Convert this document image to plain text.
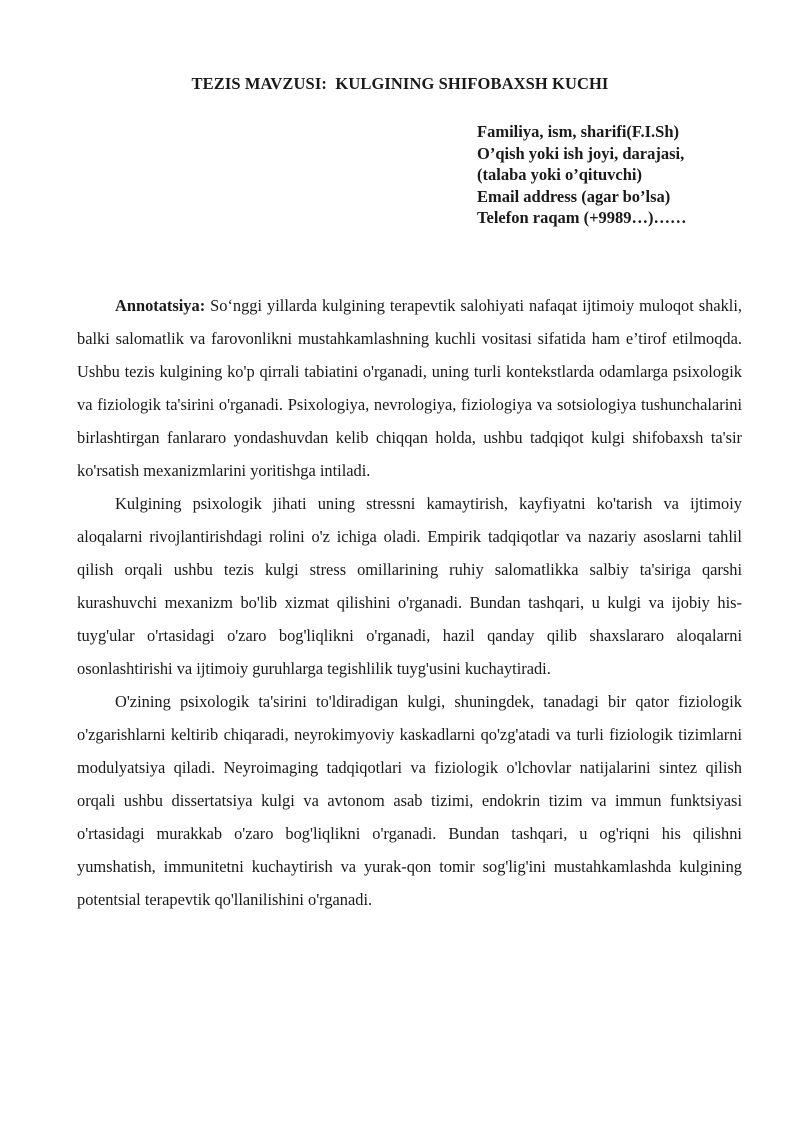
TEZIS MAVZUSI:  KULGINING SHIFOBAXSH KUCHI
Familiya, ism, sharifi(F.I.Sh)
O’qish yoki ish joyi, darajasi,
(talaba yoki o’qituvchi)
Email address (agar bo’lsa)
Telefon raqam (+9989…)……

Annotatsiya: So‘nggi yillarda kulgining terapevtik salohiyati nafaqat ijtimoiy muloqot shakli, balki salomatlik va farovonlikni mustahkamlashning kuchli vositasi sifatida ham e’tirof etilmoqda. Ushbu tezis kulgining ko'p qirrali tabiatini o'rganadi, uning turli kontekstlarda odamlarga psixologik va fiziologik ta'sirini o'rganadi. Psixologiya, nevrologiya, fiziologiya va sotsiologiya tushunchalarini birlashtirgan fanlararo yondashuvdan kelib chiqqan holda, ushbu tadqiqot kulgi shifobaxsh ta'sir ko'rsatish mexanizmlarini yoritishga intiladi.

Kulgining psixologik jihati uning stressni kamaytirish, kayfiyatni ko'tarish va ijtimoiy aloqalarni rivojlantirishdagi rolini o'z ichiga oladi. Empirik tadqiqotlar va nazariy asoslarni tahlil qilish orqali ushbu tezis kulgi stress omillarining ruhiy salomatlikka salbiy ta'siriga qarshi kurashuvchi mexanizm bo'lib xizmat qilishini o'rganadi. Bundan tashqari, u kulgi va ijobiy his-tuyg'ular o'rtasidagi o'zaro bog'liqlikni o'rganadi, hazil qanday qilib shaxslararo aloqalarni osonlashtirishi va ijtimoiy guruhlarga tegishlilik tuyg'usini kuchaytiradi.

O'zining psixologik ta'sirini to'ldiradigan kulgi, shuningdek, tanadagi bir qator fiziologik o'zgarishlarni keltirib chiqaradi, neyrokimyoviy kaskadlarni qo'zg'atadi va turli fiziologik tizimlarni modulyatsiya qiladi. Neyroimaging tadqiqotlari va fiziologik o'lchovlar natijalarini sintez qilish orqali ushbu dissertatsiya kulgi va avtonom asab tizimi, endokrin tizim va immun funktsiyasi o'rtasidagi murakkab o'zaro bog'liqlikni o'rganadi. Bundan tashqari, u og'riqni his qilishni yumshatish, immunitetni kuchaytirish va yurak-qon tomir sog'lig'ini mustahkamlashda kulgining potentsial terapevtik qo'llanilishini o'rganadi.
